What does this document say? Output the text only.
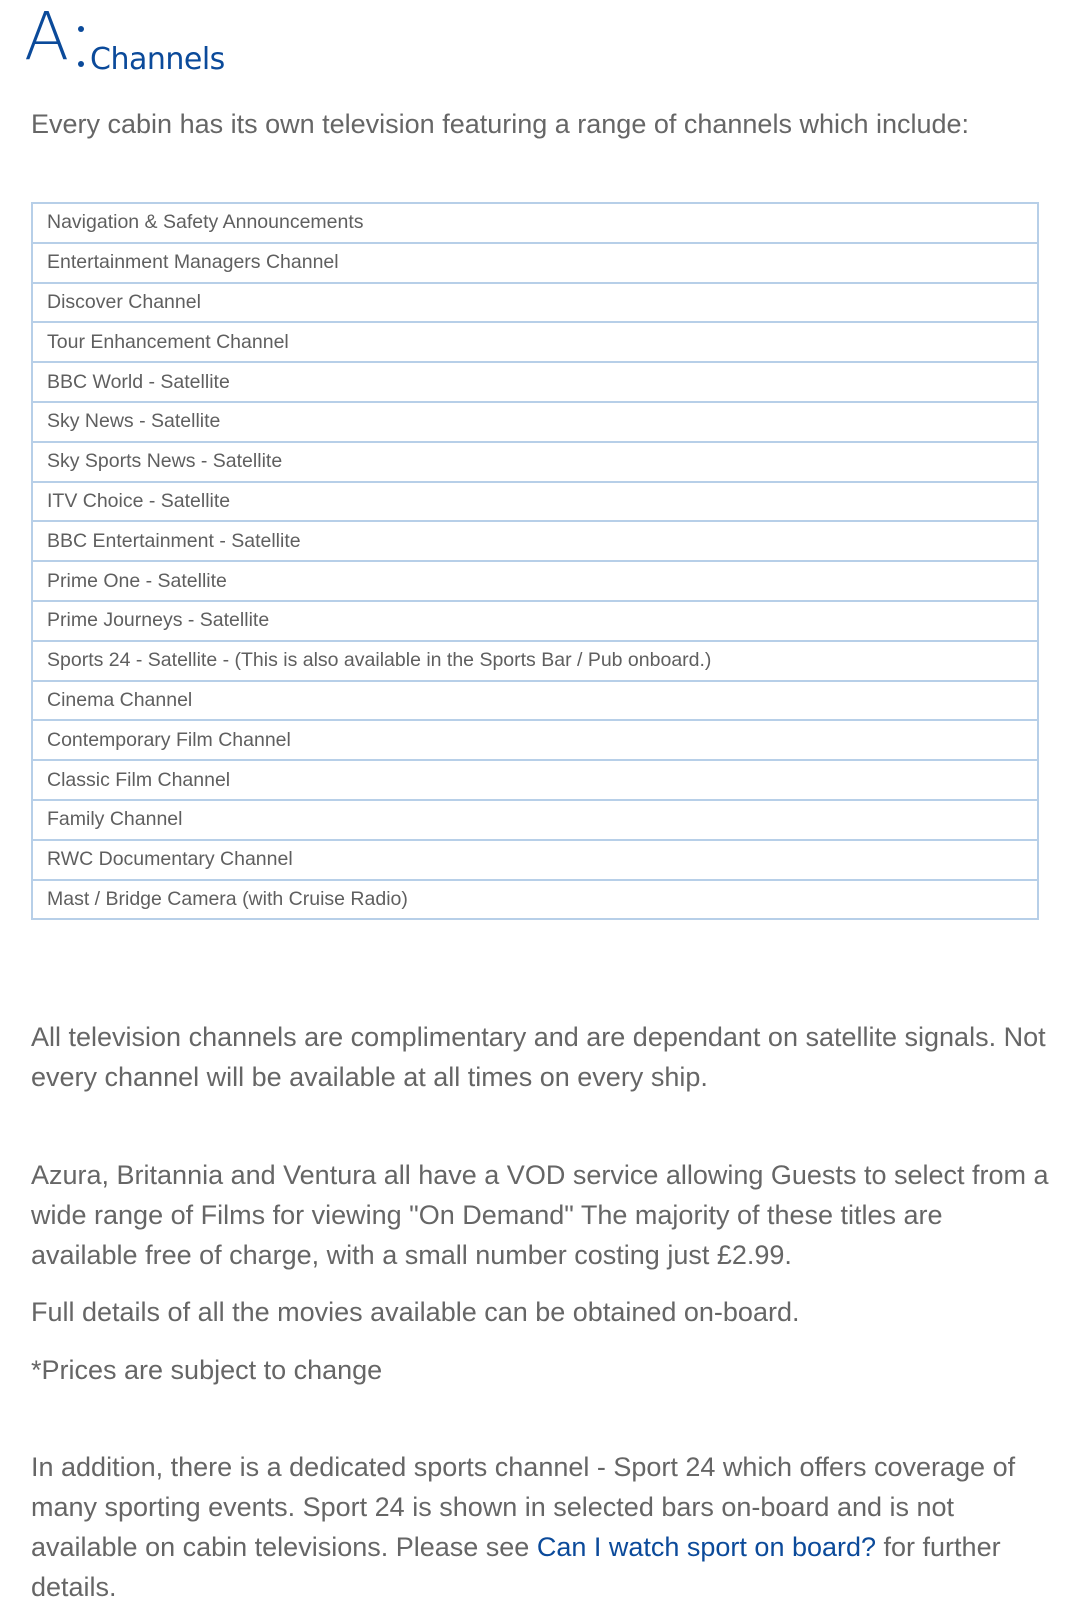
A Channels

Every cabin has its own television featuring a range of channels which include:

Navigation & Safety Announcements
Entertainment Managers Channel
Discover Channel
Tour Enhancement Channel
BBC World - Satellite
Sky News - Satellite
Sky Sports News - Satellite
ITV Choice - Satellite
BBC Entertainment - Satellite
Prime One - Satellite
Prime Journeys - Satellite
Sports 24 - Satellite - (This is also available in the Sports Bar / Pub onboard.)
Cinema Channel
Contemporary Film Channel
Classic Film Channel
Family Channel
RWC Documentary Channel
Mast / Bridge Camera (with Cruise Radio)

All television channels are complimentary and are dependant on satellite signals. Not every channel will be available at all times on every ship.

Azura, Britannia and Ventura all have a VOD service allowing Guests to select from a wide range of Films for viewing "On Demand" The majority of these titles are available free of charge, with a small number costing just £2.99.

Full details of all the movies available can be obtained on-board.

*Prices are subject to change

In addition, there is a dedicated sports channel - Sport 24 which offers coverage of many sporting events. Sport 24 is shown in selected bars on-board and is not available on cabin televisions. Please see Can I watch sport on board? for further details.
